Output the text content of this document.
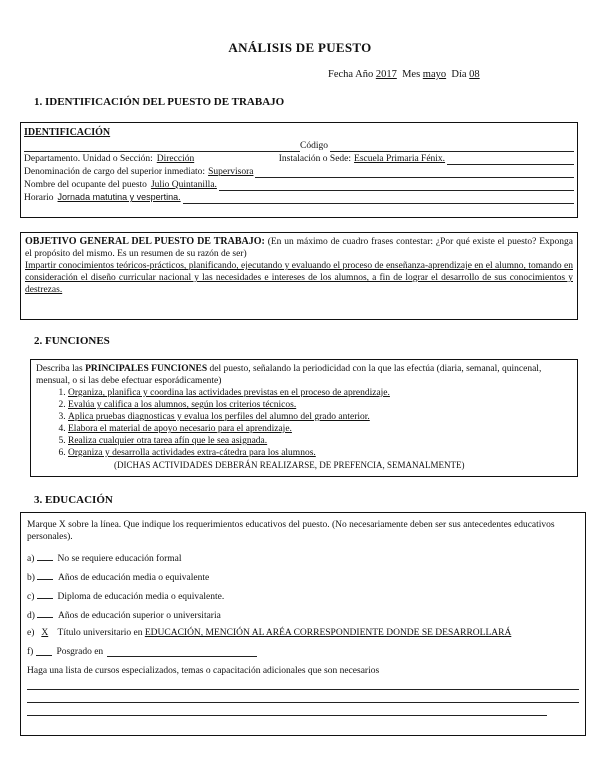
ANÁLISIS DE PUESTO
Fecha Año 2017 Mes mayo Día 08
1. IDENTIFICACIÓN DEL PUESTO DE TRABAJO
IDENTIFICACIÓN
Código
Departamento. Unidad o Sección: Dirección	Instalación o Sede: Escuela Primaria Fénix.
Denominación de cargo del superior inmediato: Supervisora
Nombre del ocupante del puesto Julio Quintanilla.
Horario Jornada matutina y vespertina.
OBJETIVO GENERAL DEL PUESTO DE TRABAJO: (En un máximo de cuadro frases contestar: ¿Por qué existe el puesto? Exponga el propósito del mismo. Es un resumen de su razón de ser)
Impartir conocimientos teóricos-prácticos, planificando, ejecutando y evaluando el proceso de enseñanza-aprendizaje en el alumno, tomando en consideración el diseño curricular nacional y las necesidades e intereses de los alumnos, a fin de lograr el desarrollo de sus conocimientos y destrezas.
2. FUNCIONES
Describa las PRINCIPALES FUNCIONES del puesto, señalando la periodicidad con la que las efectúa (diaria, semanal, quincenal, mensual, o si las debe efectuar esporádicamente)
1. Organiza, planifica y coordina las actividades previstas en el proceso de aprendizaje.
2. Evalúa y califica a los alumnos, según los criterios técnicos.
3. Aplica pruebas diagnosticas y evalua los perfiles del alumno del grado anterior.
4. Elabora el material de apoyo necesario para el aprendizaje.
5. Realiza cualquier otra tarea afín que le sea asignada.
6. Organiza y desarrolla actividades extra-cátedra para los alumnos.
(DICHAS ACTIVIDADES DEBERÁN REALIZARSE, DE PREFENCIA, SEMANALMENTE)
3. EDUCACIÓN
Marque X sobre la línea. Que indique los requerimientos educativos del puesto. (No necesariamente deben ser sus antecedentes educativos personales).
a) No se requiere educación formal
b) Años de educación media o equivalente
c) Diploma de educación media o equivalente.
d) Años de educación superior o universitaria
e) X Título universitario en EDUCACIÓN, MENCIÓN AL ARÉA CORRESPONDIENTE DONDE SE DESARROLLARÁ
f)

Posgrado en
Haga una lista de cursos especializados, temas o capacitación adicionales que son necesarios
